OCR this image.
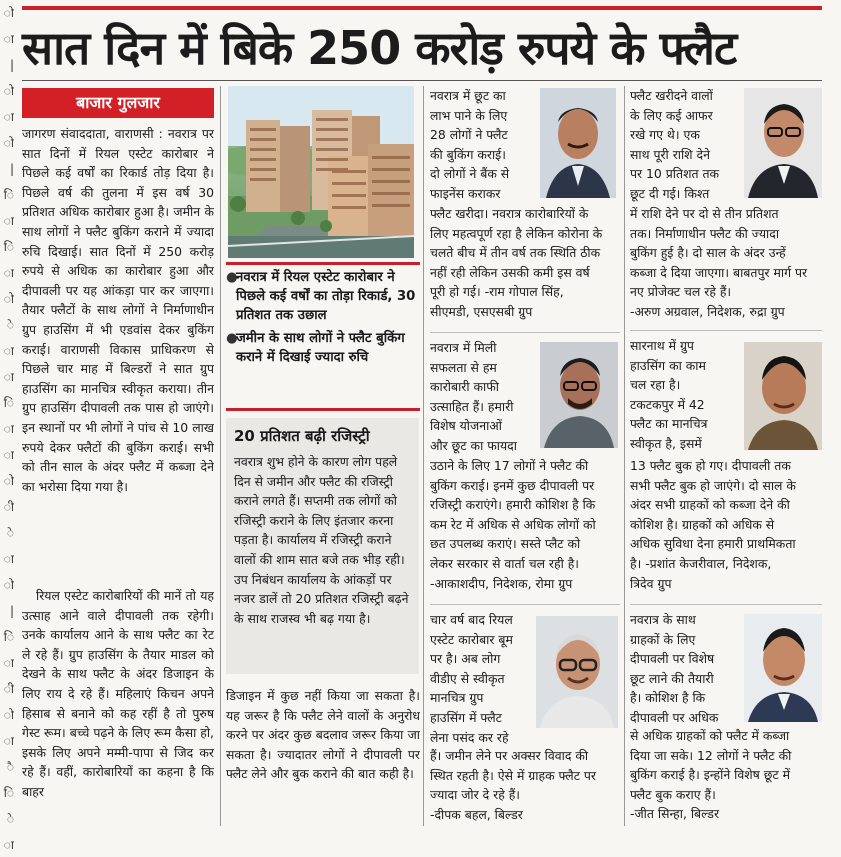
ो
ा
|
ो
ा
ो
|
ि
ा
ि
ा
ो
े
ा
ा
ि
ा
ा
ो
ी
े
ा
ो
|
ि
ा
ी
ो
ा
ै
ि
े
ा
सात दिन में बिके 250 करोड़ रुपये के फ्लैट
बाजार गुलजार

जागरण संवाददाता, वाराणसी : नवरात्र पर सात दिनों में रियल एस्टेट कारोबार ने पिछले कई वर्षों का रिकार्ड तोड़ दिया है। पिछले वर्ष की तुलना में इस वर्ष 30 प्रतिशत अधिक कारोबार हुआ है। जमीन के साथ लोगों ने फ्लैट बुकिंग कराने में ज्यादा रुचि दिखाई। सात दिनों में 250 करोड़ रुपये से अधिक का कारोबार हुआ और दीपावली पर यह आंकड़ा पार कर जाएगा। तैयार फ्लैटों के साथ लोगों ने निर्माणाधीन ग्रुप हाउसिंग में भी एडवांस देकर बुकिंग कराई। वाराणसी विकास प्राधिकरण से पिछले चार माह में बिल्डरों ने सात ग्रुप हाउसिंग का मानचित्र स्वीकृत कराया। तीन ग्रुप हाउसिंग दीपावली तक पास हो जाएंगे। इन स्थानों पर भी लोगों ने पांच से 10 लाख रुपये देकर फ्लैटों की बुकिंग कराई। सभी को तीन साल के अंदर फ्लैट में कब्जा देने का भरोसा दिया गया है।

रियल एस्टेट कारोबारियों की मानें तो यह उत्साह आने वाले दीपावली तक रहेगी। उनके कार्यालय आने के साथ फ्लैट का रेट ले रहे हैं। ग्रुप हाउसिंग के तैयार माडल को देखने के साथ फ्लैट के अंदर डिजाइन के लिए राय दे रहे हैं। महिलाएं किचन अपने हिसाब से बनाने को कह रहीं है तो पुरुष गेस्ट रूम। बच्चे पढ़ने के लिए रूम कैसा हो, इसके लिए अपने मम्मी-पापा से जिद कर रहे हैं। वहीं, कारोबारियों का कहना है कि बाहर

डिजाइन में कुछ नहीं किया जा सकता है। यह जरूर है कि फ्लैट लेने वालों के अनुरोध करने पर अंदर कुछ बदलाव जरूर किया जा सकता है। ज्यादातर लोगों ने दीपावली पर फ्लैट लेने और बुक कराने की बात कही है।

●
नवरात्र में रियल एस्टेट कारोबार ने पिछले कई वर्षों का तोड़ा रिकार्ड, 30 प्रतिशत तक उछाल
●
जमीन के साथ लोगों ने फ्लैट बुकिंग कराने में दिखाई ज्यादा रुचि
20 प्रतिशत बढ़ी रजिस्ट्री
नवरात्र शुभ होने के कारण लोग पहले दिन से जमीन और फ्लैट की रजिस्ट्री कराने लगते हैं। सप्तमी तक लोगों को रजिस्ट्री कराने के लिए इंतजार करना पड़ता है। कार्यालय में रजिस्ट्री कराने वालों की शाम सात बजे तक भीड़ रही। उप निबंधन कार्यालय के आंकड़ों पर नजर डालें तो 20 प्रतिशत रजिस्ट्री बढ़ने के साथ राजस्व भी बढ़ गया है।
नवरात्र में छूट का
लाभ पाने के लिए
28 लोगों ने फ्लैट
की बुकिंग कराई।
दो लोगों ने बैंक से
फाइनेंस कराकर
फ्लैट खरीदा। नवरात्र कारोबारियों के
लिए महत्वपूर्ण रहा है लेकिन कोरोना के
चलते बीच में तीन वर्ष तक स्थिति ठीक
नहीं रही लेकिन उसकी कमी इस वर्ष
पूरी हो गई। -राम गोपाल सिंह,
सीएमडी, एसएसबी ग्रुप
नवरात्र में मिली
सफलता से हम
कारोबारी काफी
उत्साहित हैं। हमारी
विशेष योजनाओं
और छूट का फायदा
उठाने के लिए 17 लोगों ने फ्लैट की
बुकिंग कराई। इनमें कुछ दीपावली पर
रजिस्ट्री कराएंगे। हमारी कोशिश है कि
कम रेट में अधिक से अधिक लोगों को
छत उपलब्ध कराएं। सस्ते प्लैट को
लेकर सरकार से वार्ता चल रही है।
-आकाशदीप, निदेशक, रोमा ग्रुप
चार वर्ष बाद रियल
एस्टेट कारोबार बूम
पर है। अब लोग
वीडीए से स्वीकृत
मानचित्र ग्रुप
हाउसिंग में फ्लैट
लेना पसंद कर रहे
हैं। जमीन लेने पर अक्सर विवाद की
स्थित रहती है। ऐसे में ग्राहक फ्लैट पर
ज्यादा जोर दे रहे हैं।
-दीपक बहल, बिल्डर
फ्लैट खरीदने वालों
के लिए कई आफर
रखे गए थे। एक
साथ पूरी राशि देने
पर 10 प्रतिशत तक
छूट दी गई। किश्त
में राशि देने पर दो से तीन प्रतिशत
तक। निर्माणाधीन फ्लैट की ज्यादा
बुकिंग हुई है। दो साल के अंदर उन्हें
कब्जा दे दिया जाएगा। बाबतपुर मार्ग पर
नए प्रोजेक्ट चल रहे हैं।
-अरुण अग्रवाल, निदेशक, रुद्रा ग्रुप
सारनाथ में ग्रुप
हाउसिंग का काम
चल रहा है।
टकटकपुर में 42
फ्लैट का मानचित्र
स्वीकृत है, इसमें
13 फ्लैट बुक हो गए। दीपावली तक
सभी फ्लैट बुक हो जाएंगे। दो साल के
अंदर सभी ग्राहकों को कब्जा देने की
कोशिश है। ग्राहकों को अधिक से
अधिक सुविधा देना हमारी प्राथमिकता
है। -प्रशांत केजरीवाल, निदेशक,
त्रिदेव ग्रुप
नवरात्र के साथ
ग्राहकों के लिए
दीपावली पर विशेष
छूट लाने की तैयारी
है। कोशिश है कि
दीपावली पर अधिक
से अधिक ग्राहकों को फ्लैट में कब्जा
दिया जा सके। 12 लोगों ने फ्लैट की
बुकिंग कराई है। इन्होंने विशेष छूट में
फ्लैट बुक कराए हैं।
-जीत सिन्हा, बिल्डर
